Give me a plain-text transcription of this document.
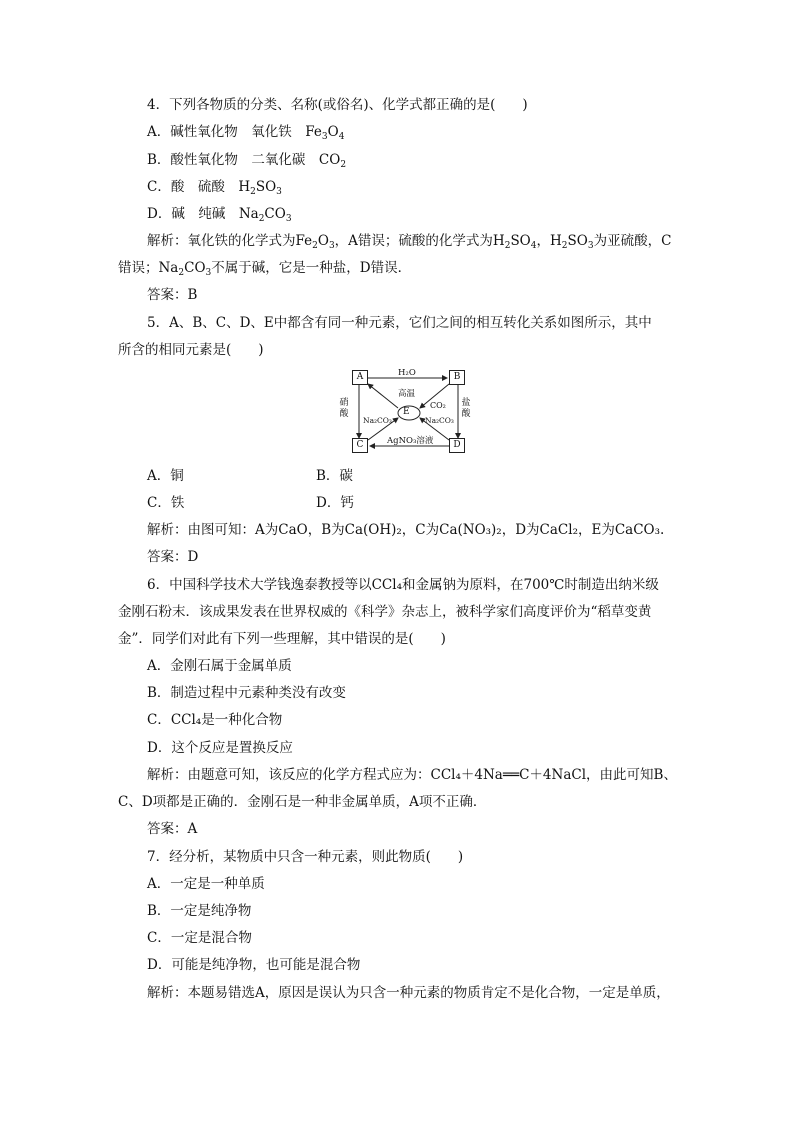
4．下列各物质的分类、名称(或俗名)、化学式都正确的是(　　)
A．碱性氧化物　氧化铁　$Fe_3O_4$
B．酸性氧化物　二氧化碳　$CO_2$
C．酸　硫酸　$H_2SO_3$
D．碱　纯碱　$Na_2CO_3$
解析：氧化铁的化学式为$Fe_2O_3$，A错误；硫酸的化学式为$H_2SO_4$，$H_2SO_3$为亚硫酸，C
错误；$Na_2CO_3$不属于碱，它是一种盐，D错误．
答案：B
5．A、B、C、D、E中都含有同一种元素，它们之间的相互转化关系如图所示，其中
所含的相同元素是(　　)
A	B
C	D
E
H₂O
高温
CO₂
Na₂CO₃	Na₂CO₃
硝酸
盐酸
AgNO₃溶液
A．铜	B．碳
C．铁	D．钙
解析：由图可知：A为CaO，B为Ca(OH)₂，C为Ca(NO₃)₂，D为CaCl₂，E为CaCO₃.
答案：D
6．中国科学技术大学钱逸泰教授等以CCl₄和金属钠为原料，在700℃时制造出纳米级
金刚石粉末．该成果发表在世界权威的《科学》杂志上，被科学家们高度评价为“稻草变黄
金”．同学们对此有下列一些理解，其中错误的是(　　)
A．金刚石属于金属单质
B．制造过程中元素种类没有改变
C．CCl₄是一种化合物
D．这个反应是置换反应
解析：由题意可知，该反应的化学方程式应为：CCl₄＋4Na══C＋4NaCl，由此可知B、
C、D项都是正确的．金刚石是一种非金属单质，A项不正确．
答案：A
7．经分析，某物质中只含一种元素，则此物质(　　)
A．一定是一种单质
B．一定是纯净物
C．一定是混合物
D．可能是纯净物，也可能是混合物
解析：本题易错选A，原因是误认为只含一种元素的物质肯定不是化合物，一定是单质，
